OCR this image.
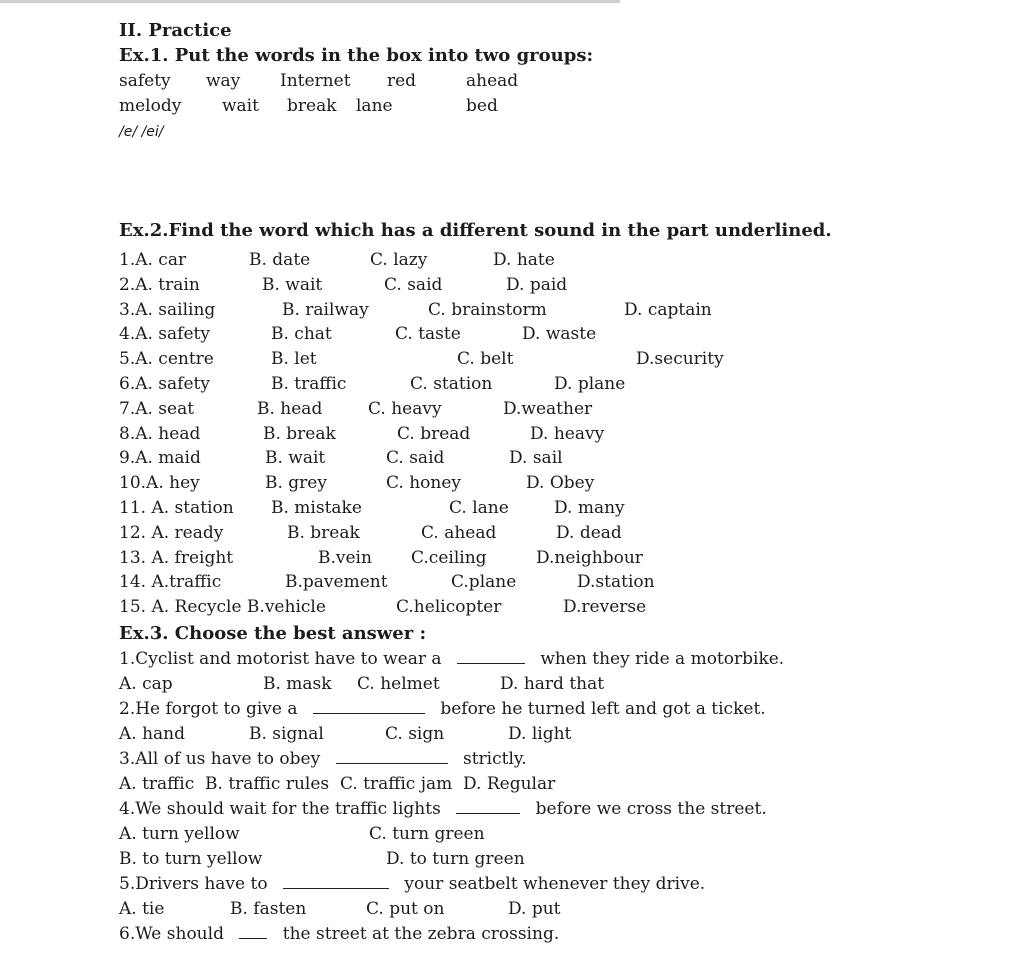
II. Practice
Ex.1. Put the words in the box into two groups:
safety way Internet red	ahead
melody wait break lane	bed
/e/ /ei/
Ex.2.Find the word which has a different sound in the part underlined.
1.A. car	B. date	C. lazy	D. hate
2.A. train	B. wait	C. said	D. paid
3.A. sailing	B. railway	C. brainstorm	D. captain
4.A. safety	B. chat	C. taste	D. waste
5.A. centre	B. let	C. belt	D.security
6.A. safety	B. traffic	C. station	D. plane
7.A. seat	B. head	C. heavy	D.weather
8.A. head	B. break	C. bread	D. heavy
9.A. maid	B. wait	C. said	D. sail
10.A. hey	B. grey	C. honey	D. Obey
11. A. station B. mistake	C. lane	D. many
12. A. ready	B. break	C. ahead	D. dead
13. A. freight	B.vein C.ceiling	D.neighbour
14. A.traffic	B.pavement	C.plane	D.station
15. A. Recycle B.vehicle	C.helicopter	D.reverse
Ex.3. Choose the best answer :
1.Cyclist and motorist have to wear a	when they ride a motorbike.
A. cap	B. mask C. helmet	D. hard that
2.He forgot to give a	before he turned left and got a ticket.
A. hand	B. signal	C. sign	D. light
3.All of us have to obey	strictly.
A. traffic  B. traffic rules  C. traffic jam  D. Regular
4.We should wait for the traffic lights	before we cross the street.
A. turn yellow	C. turn green
B. to turn yellow	D. to turn green
5.Drivers have to	your seatbelt whenever they drive.
A. tie	B. fasten	C. put on	D. put
6.We should	the street at the zebra crossing.
